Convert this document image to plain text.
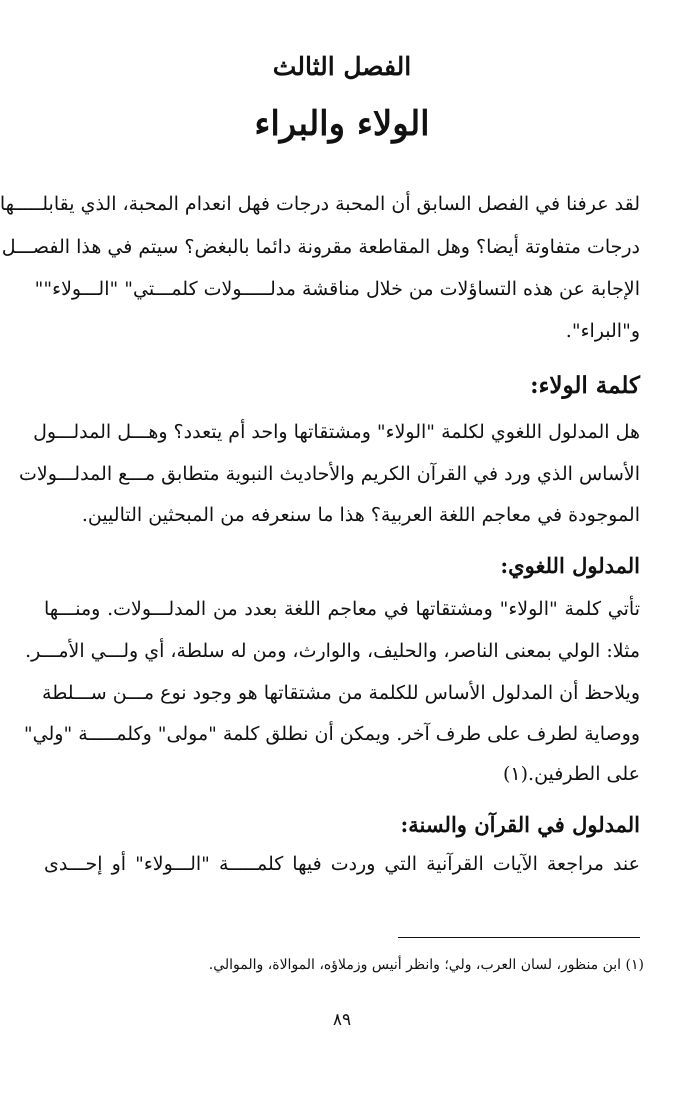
الفصل الثالث
الولاء والبراء

لقد عرفنا في الفصل السابق أن المحبة درجات فهل انعدام المحبة، الذي يقابلـــــها

درجات متفاوتة أيضا؟ وهل المقاطعة مقرونة دائما بالبغض؟ سيتم في هذا الفصـــل

الإجابة عن هذه التساؤلات من خلال مناقشة مدلـــــولات كلمـــتي" "الـــولاء""

و"البراء".

كلمة الولاء:

هل المدلول اللغوي لكلمة "الولاء" ومشتقاتها واحد أم يتعدد؟ وهـــل المدلـــول

الأساس الذي ورد في القرآن الكريم والأحاديث النبوية متطابق مـــع المدلـــولات

الموجودة في معاجم اللغة العربية؟ هذا ما سنعرفه من المبحثين التاليين.

المدلول اللغوي:

تأتي كلمة "الولاء" ومشتقاتها في معاجم اللغة بعدد من المدلـــولات. ومنـــها

مثلا: الولي بمعنى الناصر، والحليف، والوارث، ومن له سلطة، أي ولـــي الأمـــر.

ويلاحظ أن المدلول الأساس للكلمة من مشتقاتها هو وجود نوع مـــن ســـلطة

ووصاية لطرف على طرف آخر. ويمكن أن نطلق كلمة "مولى" وكلمـــــة "ولي"

على الطرفين.(١)

المدلول في القرآن والسنة:

عند مراجعة الآيات القرآنية التي وردت فيها كلمـــــة "الـــولاء" أو إحـــدى

(١) ابن منظور، لسان العرب، ولي؛ وانظر أنيس وزملاؤه، الموالاة، والموالي.

٨٩
